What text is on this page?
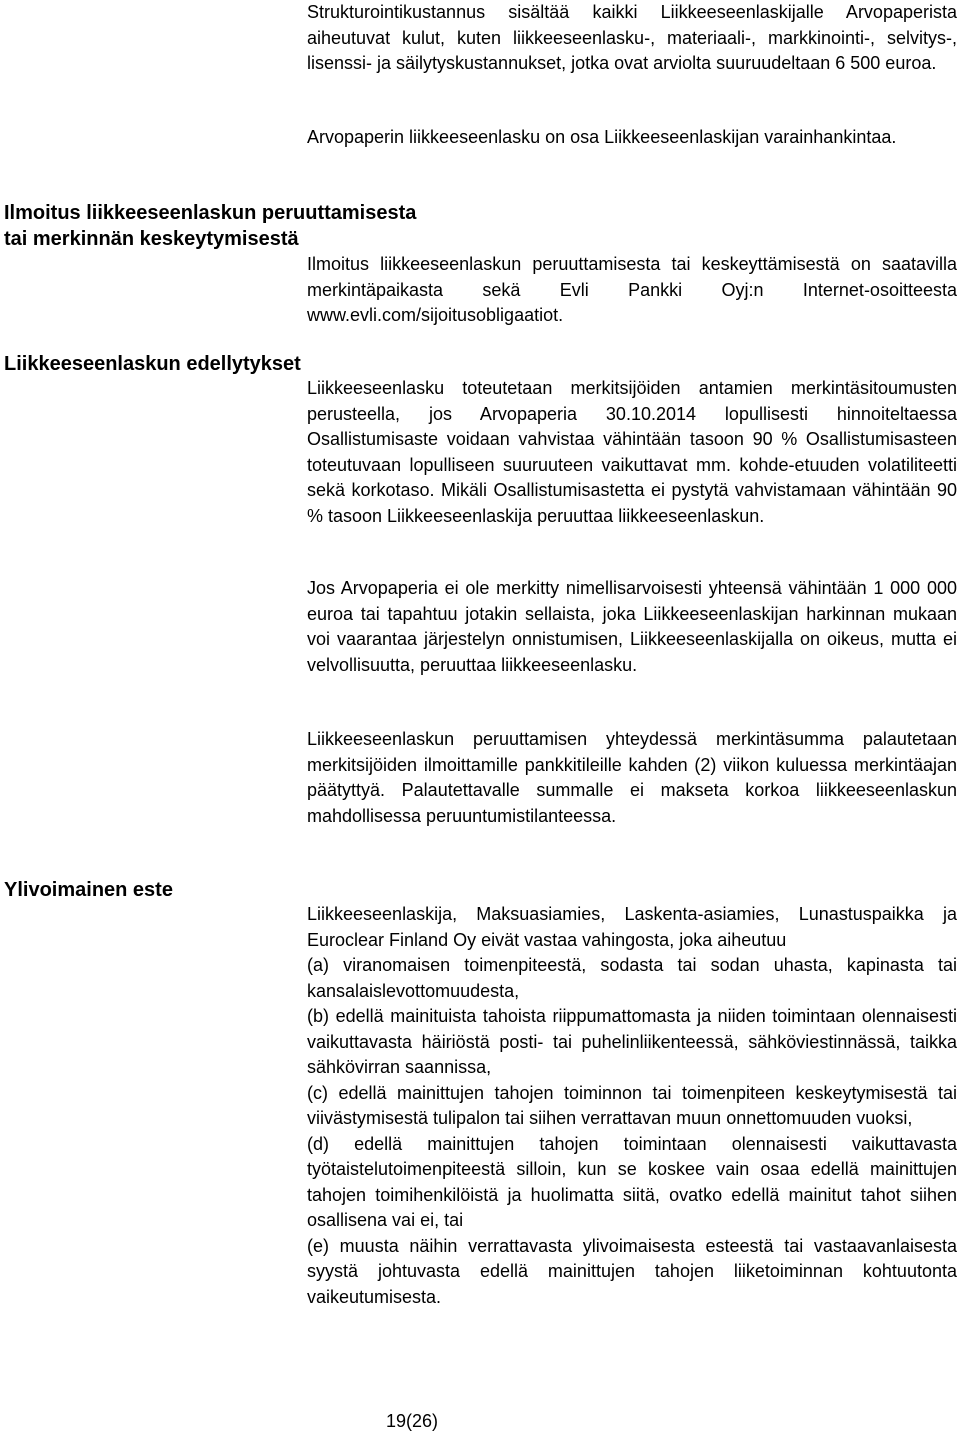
Strukturointikustannus sisältää kaikki Liikkeeseenlaskijalle Arvopaperista aiheutuvat kulut, kuten liikkeeseenlasku-, materiaali-, markkinointi-, selvitys-, lisenssi- ja säilytyskustannukset, jotka ovat arviolta suuruudeltaan 6 500 euroa.

Arvopaperin liikkeeseenlasku on osa Liikkeeseenlaskijan varainhankintaa.

Ilmoitus liikkeeseenlaskun peruuttamisesta
tai merkinnän keskeytymisestä

Ilmoitus liikkeeseenlaskun peruuttamisesta tai keskeyttämisestä on saatavilla merkintäpaikasta sekä Evli Pankki Oyj:n Internet-osoitteesta www.evli.com/sijoitusobligaatiot.

Liikkeeseenlaskun edellytykset

Liikkeeseenlasku toteutetaan merkitsijöiden antamien merkintäsitoumusten perusteella, jos Arvopaperia 30.10.2014 lopullisesti hinnoiteltaessa Osallistumisaste voidaan vahvistaa vähintään tasoon 90 % Osallistumisasteen toteutuvaan lopulliseen suuruuteen vaikuttavat mm. kohde-etuuden volatiliteetti sekä korkotaso. Mikäli Osallistumisastetta ei pystytä vahvistamaan vähintään 90 % tasoon Liikkeeseenlaskija peruuttaa liikkeeseenlaskun.

Jos Arvopaperia ei ole merkitty nimellisarvoisesti yhteensä vähintään 1 000 000 euroa tai tapahtuu jotakin sellaista, joka Liikkeeseenlaskijan harkinnan mukaan voi vaarantaa järjestelyn onnistumisen, Liikkeeseenlaskijalla on oikeus, mutta ei velvollisuutta, peruuttaa liikkeeseenlasku.

Liikkeeseenlaskun peruuttamisen yhteydessä merkintäsumma palautetaan merkitsijöiden ilmoittamille pankkitileille kahden (2) viikon kuluessa merkintäajan päätyttyä. Palautettavalle summalle ei makseta korkoa liikkeeseenlaskun mahdollisessa peruuntumistilanteessa.

Ylivoimainen este

Liikkeeseenlaskija, Maksuasiamies, Laskenta-asiamies, Lunastuspaikka ja Euroclear Finland Oy eivät vastaa vahingosta, joka aiheutuu

(a) viranomaisen toimenpiteestä, sodasta tai sodan uhasta, kapinasta tai kansalaislevottomuudesta,

(b) edellä mainituista tahoista riippumattomasta ja niiden toimintaan olennaisesti vaikuttavasta häiriöstä posti- tai puhelinliikenteessä, sähköviestinnässä, taikka sähkövirran saannissa,

(c) edellä mainittujen tahojen toiminnon tai toimenpiteen keskeytymisestä tai viivästymisestä tulipalon tai siihen verrattavan muun onnettomuuden vuoksi,

(d) edellä mainittujen tahojen toimintaan olennaisesti vaikuttavasta työtaistelutoimenpiteestä silloin, kun se koskee vain osaa edellä mainittujen tahojen toimihenkilöistä ja huolimatta siitä, ovatko edellä mainitut tahot siihen osallisena vai ei, tai

(e) muusta näihin verrattavasta ylivoimaisesta esteestä tai vastaavanlaisesta syystä johtuvasta edellä mainittujen tahojen liiketoiminnan kohtuutonta vaikeutumisesta.

19(26)
